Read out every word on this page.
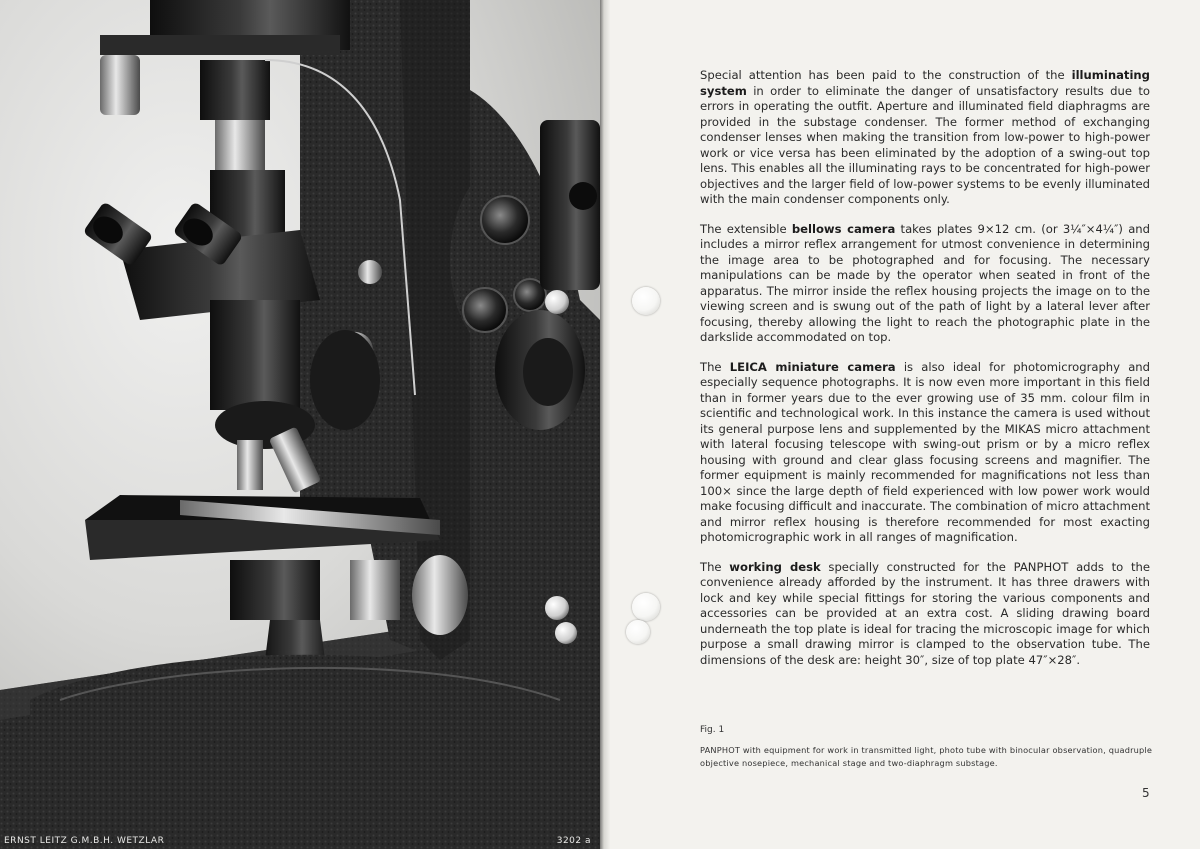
ERNST LEITZ G.M.B.H. WETZLAR	3202 a

Special attention has been paid to the construction of the illuminating system in order to eliminate the danger of unsatisfactory results due to errors in operating the outfit. Aperture and illuminated field diaphragms are provided in the substage condenser. The former method of exchanging condenser lenses when making the transition from low-power to high-power work or vice versa has been eliminated by the adoption of a swing-out top lens. This enables all the illuminating rays to be concentrated for high-power objectives and the larger field of low-power systems to be evenly illuminated with the main condenser components only.

The extensible bellows camera takes plates 9×12 cm. (or 3¼″×4¼″) and includes a mirror reflex arrangement for utmost convenience in determining the image area to be photographed and for focusing. The necessary manipulations can be made by the operator when seated in front of the apparatus. The mirror inside the reflex housing projects the image on to the viewing screen and is swung out of the path of light by a lateral lever after focusing, thereby allowing the light to reach the photographic plate in the darkslide accommodated on top.

The LEICA miniature camera is also ideal for photomicrography and especially sequence photographs. It is now even more important in this field than in former years due to the ever growing use of 35 mm. colour film in scientific and technological work. In this instance the camera is used without its general purpose lens and supplemented by the MIKAS micro attachment with lateral focusing telescope with swing-out prism or by a micro reflex housing with ground and clear glass focusing screens and magnifier. The former equipment is mainly recommended for magnifications not less than 100× since the large depth of field experienced with low power work would make focusing difficult and inaccurate. The combination of micro attachment and mirror reflex housing is therefore recommended for most exacting photomicrographic work in all ranges of magnification.

The working desk specially constructed for the PANPHOT adds to the convenience already afforded by the instrument. It has three drawers with lock and key while special fittings for storing the various components and accessories can be provided at an extra cost. A sliding drawing board underneath the top plate is ideal for tracing the microscopic image for which purpose a small drawing mirror is clamped to the observation tube. The dimensions of the desk are: height 30″, size of top plate 47″×28″.

Fig. 1
PANPHOT with equipment for work in transmitted light, photo tube with binocular observation, quadruple objective nosepiece, mechanical stage and two-diaphragm substage.
5
